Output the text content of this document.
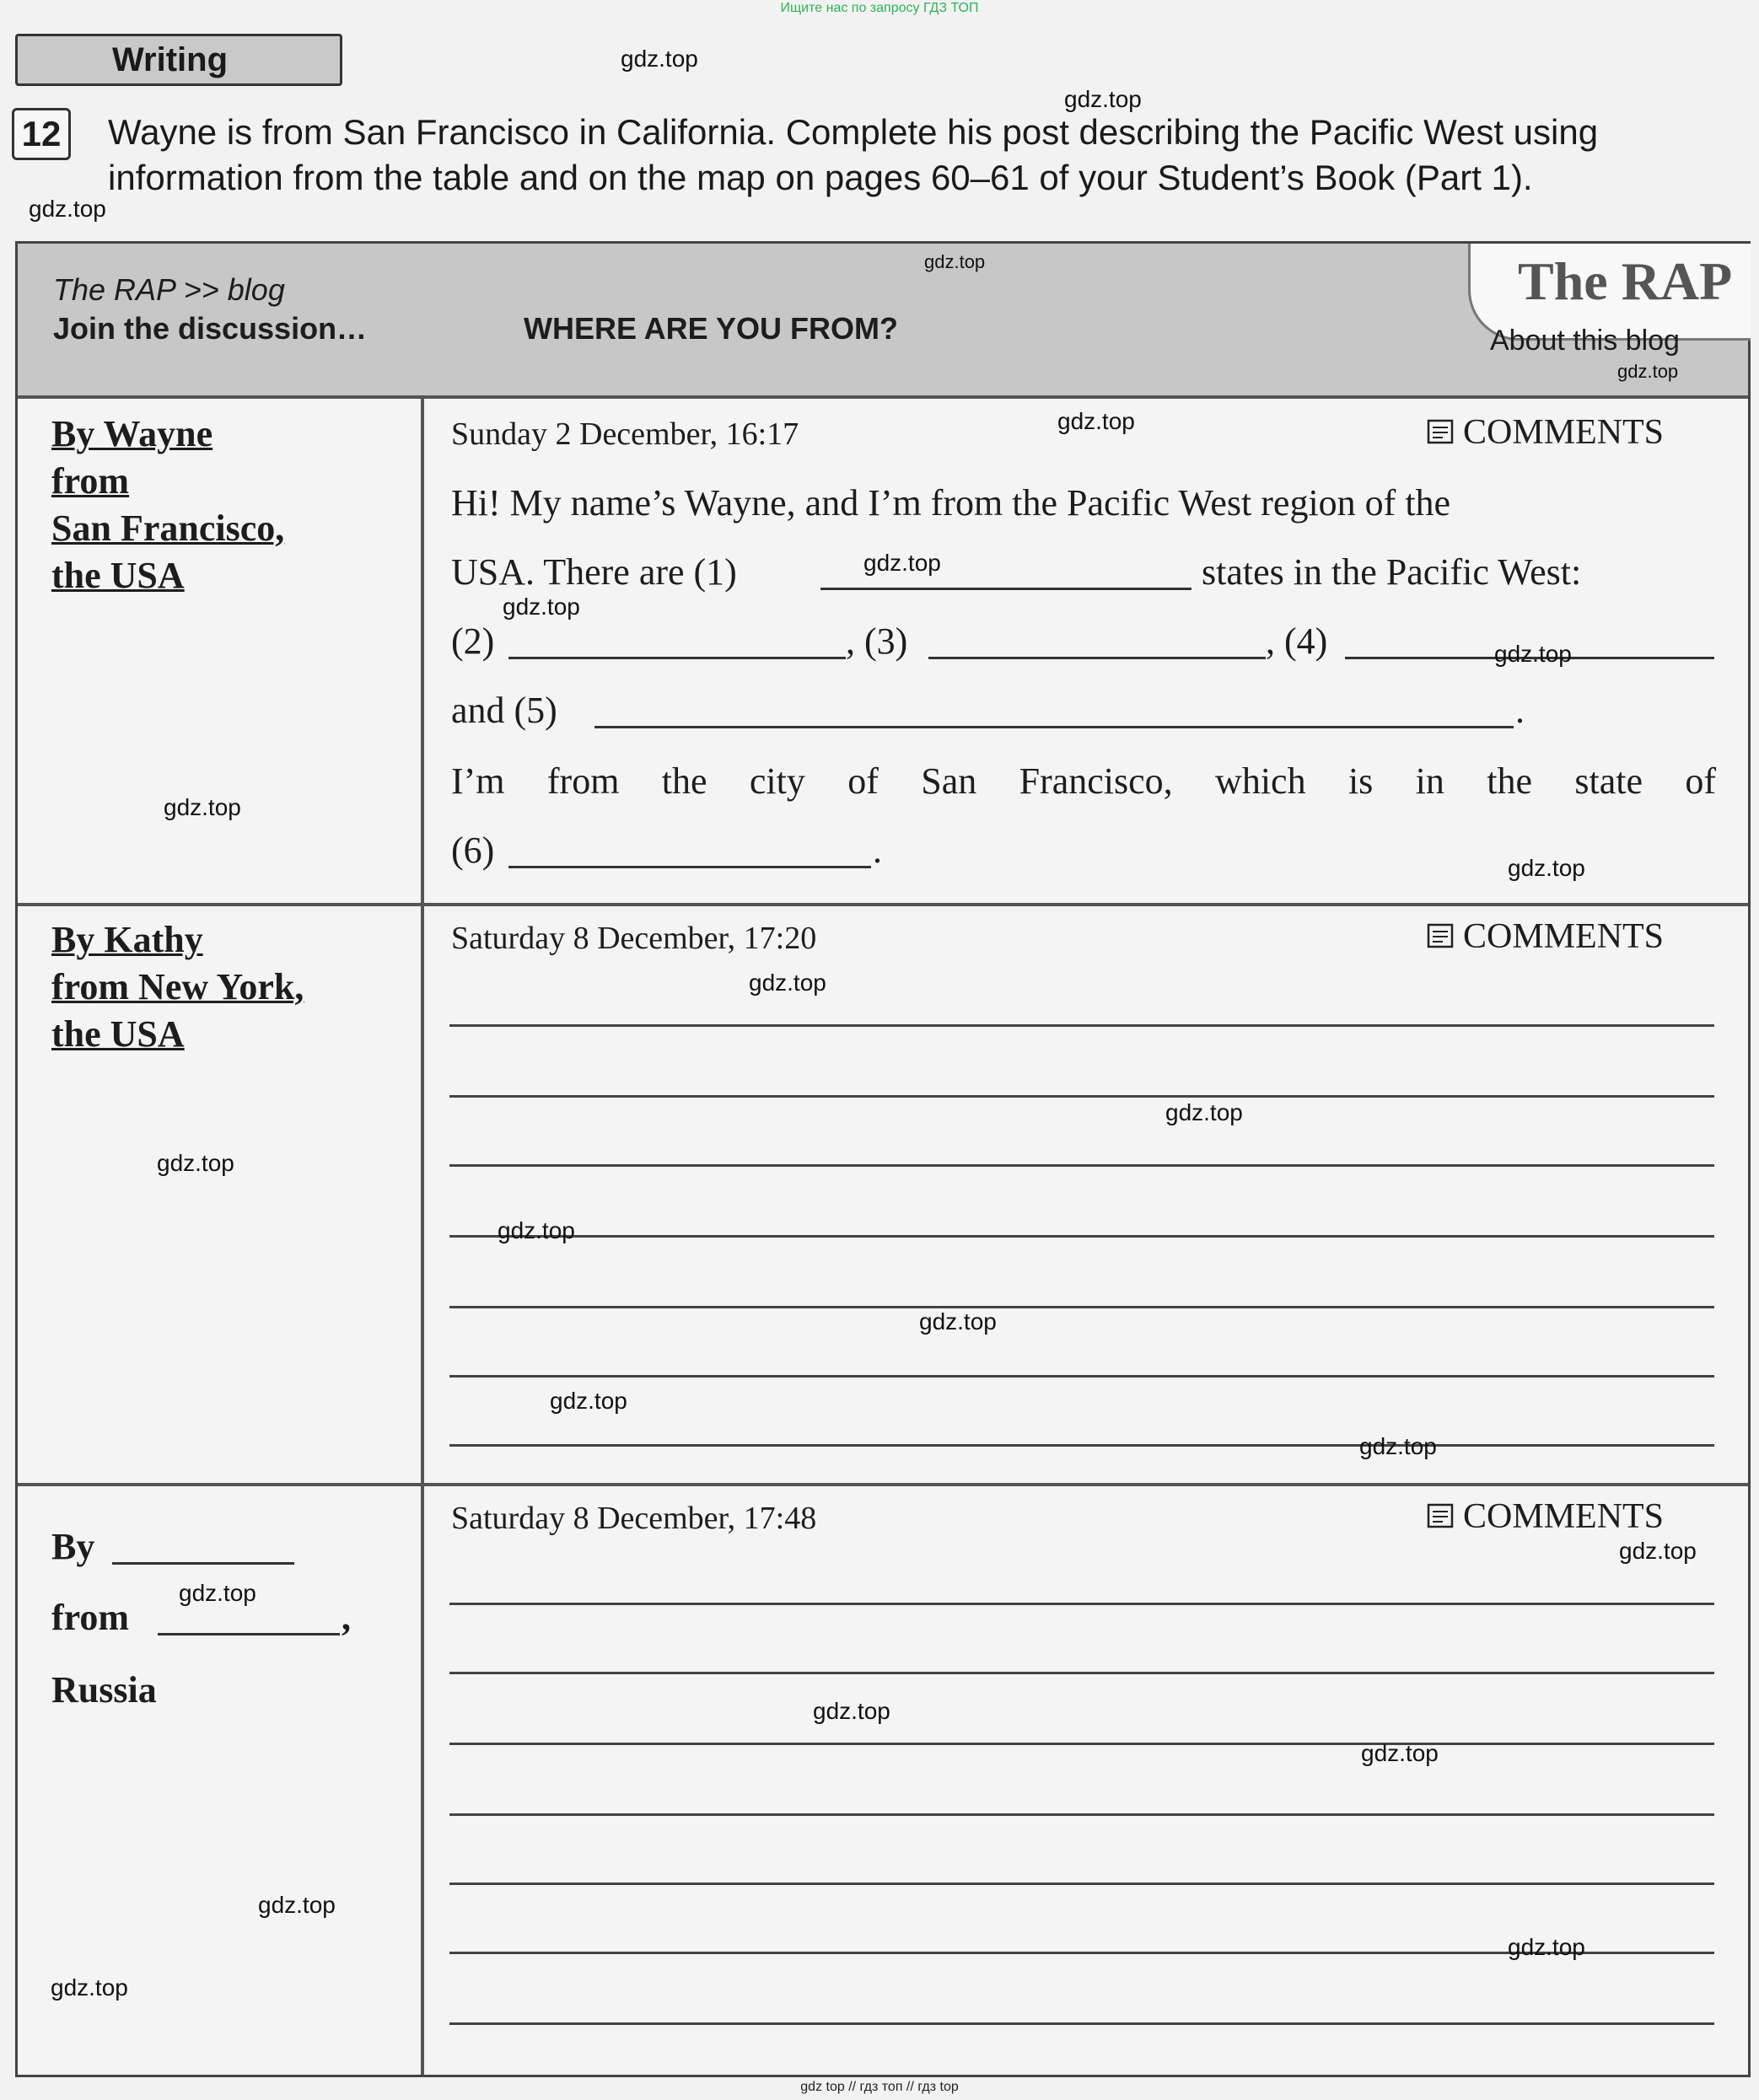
Ищите нас по запросу ГДЗ ТОП
Writing
12 Wayne is from San Francisco in California. Complete his post describing the Pacific West using
information from the table and on the map on pages 60–61 of your Student’s Book (Part 1).
The RAP >> blog
Join the discussion…	WHERE ARE YOU FROM?
The RAP
About this blog
By Wayne
from
San Francisco,
the USA
Sunday 2 December, 16:17	COMMENTS
Hi! My name’s Wayne, and I’m from the Pacific West region of the
USA. There are (1)	states in the Pacific West:
(2)	, (3)	, (4)
and (5)	.
I’m from the city of San Francisco, which is in the state of
(6)	.
By Kathy
from New York,
the USA
Saturday 8 December, 17:20	COMMENTS
By
from	,
Russia
Saturday 8 December, 17:48	COMMENTS
gdz.top
gdz.top
gdz.top
gdz.top
gdz.top
gdz.top
gdz.top
gdz.top
gdz.top
gdz.top
gdz.top
gdz.top
gdz.top
gdz.top
gdz.top
gdz.top
gdz.top
gdz.top
gdz.top
gdz.top
gdz.top
gdz.top
gdz.top
gdz.top
gdz.top
gdz top // гдз топ // гдз top
